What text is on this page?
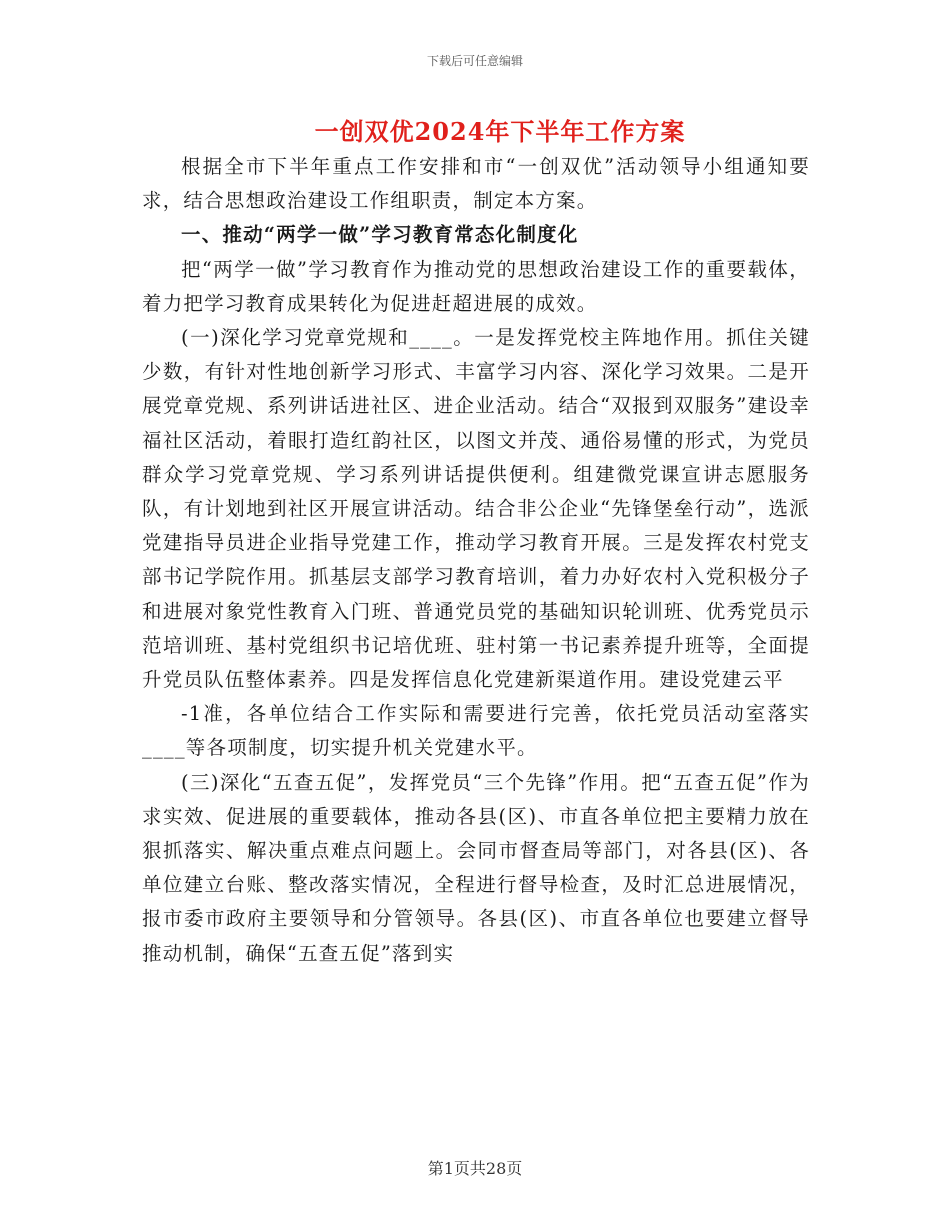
下载后可任意编辑
一创双优2024年下半年工作方案

根据全市下半年重点工作安排和市“一创双优”活动领导小组通知要求，结合思想政治建设工作组职责，制定本方案。

一、推动“两学一做”学习教育常态化制度化

把“两学一做”学习教育作为推动党的思想政治建设工作的重要载体，着力把学习教育成果转化为促进赶超进展的成效。

(一)深化学习党章党规和____。一是发挥党校主阵地作用。抓住关键少数，有针对性地创新学习形式、丰富学习内容、深化学习效果。二是开展党章党规、系列讲话进社区、进企业活动。结合“双报到双服务”建设幸福社区活动，着眼打造红韵社区，以图文并茂、通俗易懂的形式，为党员群众学习党章党规、学习系列讲话提供便利。组建微党课宣讲志愿服务队，有计划地到社区开展宣讲活动。结合非公企业“先锋堡垒行动”，选派党建指导员进企业指导党建工作，推动学习教育开展。三是发挥农村党支部书记学院作用。抓基层支部学习教育培训，着力办好农村入党积极分子和进展对象党性教育入门班、普通党员党的基础知识轮训班、优秀党员示范培训班、基村党组织书记培优班、驻村第一书记素养提升班等，全面提升党员队伍整体素养。四是发挥信息化党建新渠道作用。建设党建云平

-1准，各单位结合工作实际和需要进行完善，依托党员活动室落实____等各项制度，切实提升机关党建水平。

(三)深化“五查五促”，发挥党员“三个先锋”作用。把“五查五促”作为求实效、促进展的重要载体，推动各县(区)、市直各单位把主要精力放在狠抓落实、解决重点难点问题上。会同市督查局等部门，对各县(区)、各单位建立台账、整改落实情况，全程进行督导检查，及时汇总进展情况，报市委市政府主要领导和分管领导。各县(区)、市直各单位也要建立督导推动机制，确保“五查五促”落到实

第1页共28页
